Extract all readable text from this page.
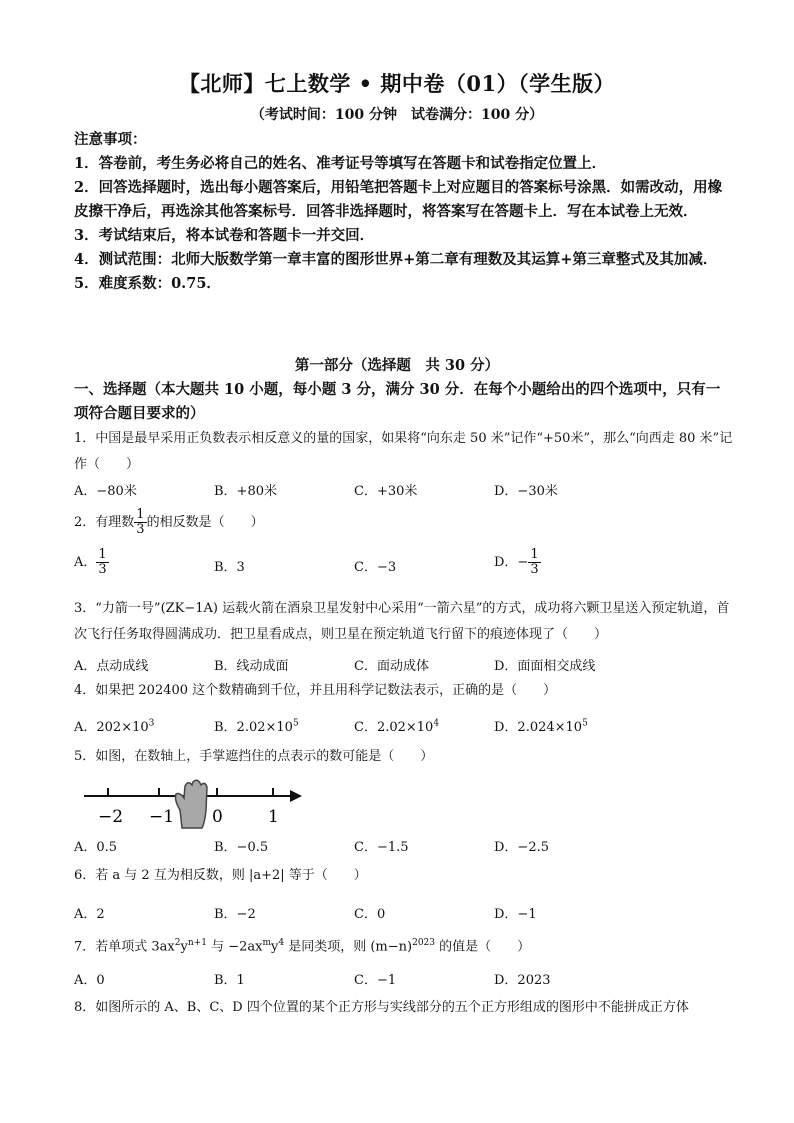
【北师】七上数学 • 期中卷（01）（学生版）
（考试时间：100 分钟　试卷满分：100 分）

注意事项：

1．答卷前，考生务必将自己的姓名、准考证号等填写在答题卡和试卷指定位置上．

2．回答选择题时，选出每小题答案后，用铅笔把答题卡上对应题目的答案标号涂黑．如需改动，用橡皮擦干净后，再选涂其他答案标号．回答非选择题时，将答案写在答题卡上．写在本试卷上无效．

3．考试结束后，将本试卷和答题卡一并交回．

4．测试范围：北师大版数学第一章丰富的图形世界+第二章有理数及其运算+第三章整式及其加减．

5．难度系数：0.75．

第一部分（选择题　共 30 分）
一、选择题（本大题共 10 小题，每小题 3 分，满分 30 分．在每个小题给出的四个选项中，只有一项符合题目要求的）
1．中国是最早采用正负数表示相反意义的量的国家，如果将“向东走 50 米”记作“+50米”，那么“向西走 80 米”记作（　　）
A．−80米	B．+80米	C．+30米	D．−30米
2．有理数 $\frac{1}{3}$ 的相反数是（　　）
A． $\frac{1}{3}$	B．3	C．−3	D．− $\frac{1}{3}$
3．“力箭一号”(ZK−1A) 运载火箭在酒泉卫星发射中心采用“一箭六星”的方式，成功将六颗卫星送入预定轨道，首次飞行任务取得圆满成功．把卫星看成点，则卫星在预定轨道飞行留下的痕迹体现了（　　）
A．点动成线	B．线动成面	C．面动成体	D．面面相交成线
4．如果把 202400 这个数精确到千位，并且用科学记数法表示，正确的是（　　）
A．$202\times 10^3$	B．$2.02\times 10^5$	C．$2.02\times 10^4$	D．$2.024\times 10^5$
5．如图，在数轴上，手掌遮挡住的点表示的数可能是（　　）
−2 −1 0	1
A．0.5	B．−0.5	C．−1.5	D．−2.5
6．若 a 与 2 互为相反数，则 |a+2| 等于（　　）
A．2	B．−2	C．0	D．−1
7．若单项式 $3ax^2y^{n+1}$ 与 $-2ax^my^4$ 是同类项，则 $(m-n)^{2023}$ 的值是（　　）
A．0	B．1	C．−1	D．2023
8．如图所示的 A、B、C、D 四个位置的某个正方形与实线部分的五个正方形组成的图形中不能拼成正方体
